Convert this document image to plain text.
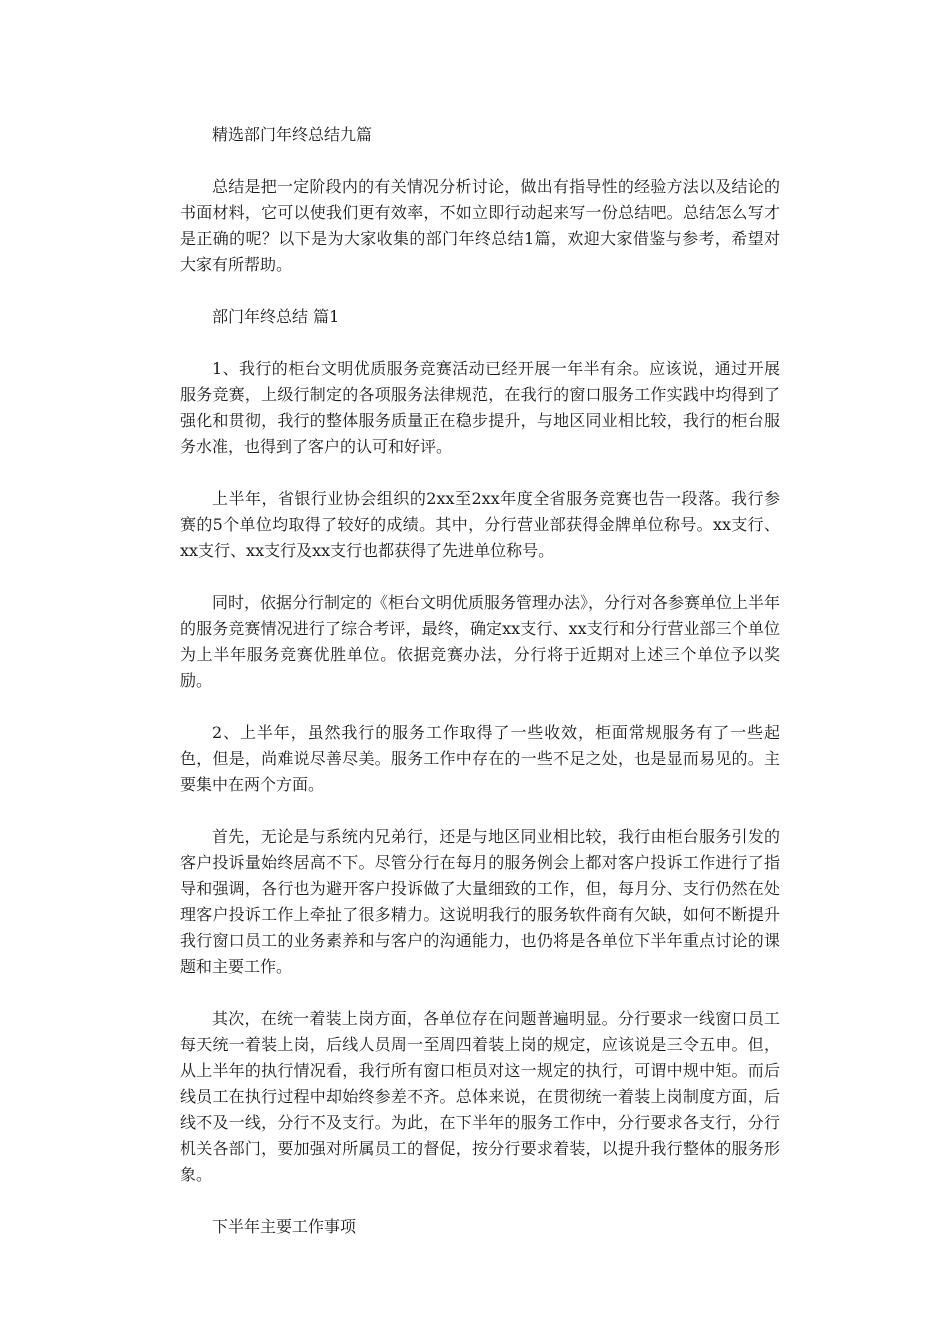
精选部门年终总结九篇

总结是把一定阶段内的有关情况分析讨论，做出有指导性的经验方法以及结论的书面材料，它可以使我们更有效率，不如立即行动起来写一份总结吧。总结怎么写才是正确的呢？以下是为大家收集的部门年终总结1篇，欢迎大家借鉴与参考，希望对大家有所帮助。

部门年终总结 篇1

1、我行的柜台文明优质服务竞赛活动已经开展一年半有余。应该说，通过开展服务竞赛，上级行制定的各项服务法律规范，在我行的窗口服务工作实践中均得到了强化和贯彻，我行的整体服务质量正在稳步提升，与地区同业相比较，我行的柜台服务水准，也得到了客户的认可和好评。

上半年，省银行业协会组织的2xx至2xx年度全省服务竞赛也告一段落。我行参赛的5个单位均取得了较好的成绩。其中，分行营业部获得金牌单位称号。xx支行、xx支行、xx支行及xx支行也都获得了先进单位称号。

同时，依据分行制定的《柜台文明优质服务管理办法》，分行对各参赛单位上半年的服务竞赛情况进行了综合考评，最终，确定xx支行、xx支行和分行营业部三个单位为上半年服务竞赛优胜单位。依据竞赛办法，分行将于近期对上述三个单位予以奖励。

2、上半年，虽然我行的服务工作取得了一些收效，柜面常规服务有了一些起色，但是，尚难说尽善尽美。服务工作中存在的一些不足之处，也是显而易见的。主要集中在两个方面。

首先，无论是与系统内兄弟行，还是与地区同业相比较，我行由柜台服务引发的客户投诉量始终居高不下。尽管分行在每月的服务例会上都对客户投诉工作进行了指导和强调，各行也为避开客户投诉做了大量细致的工作，但，每月分、支行仍然在处理客户投诉工作上牵扯了很多精力。这说明我行的服务软件商有欠缺，如何不断提升我行窗口员工的业务素养和与客户的沟通能力，也仍将是各单位下半年重点讨论的课题和主要工作。

其次，在统一着装上岗方面，各单位存在问题普遍明显。分行要求一线窗口员工每天统一着装上岗，后线人员周一至周四着装上岗的规定，应该说是三令五申。但，从上半年的执行情况看，我行所有窗口柜员对这一规定的执行，可谓中规中矩。而后线员工在执行过程中却始终参差不齐。总体来说，在贯彻统一着装上岗制度方面，后线不及一线，分行不及支行。为此，在下半年的服务工作中，分行要求各支行，分行机关各部门，要加强对所属员工的督促，按分行要求着装，以提升我行整体的服务形象。

下半年主要工作事项
